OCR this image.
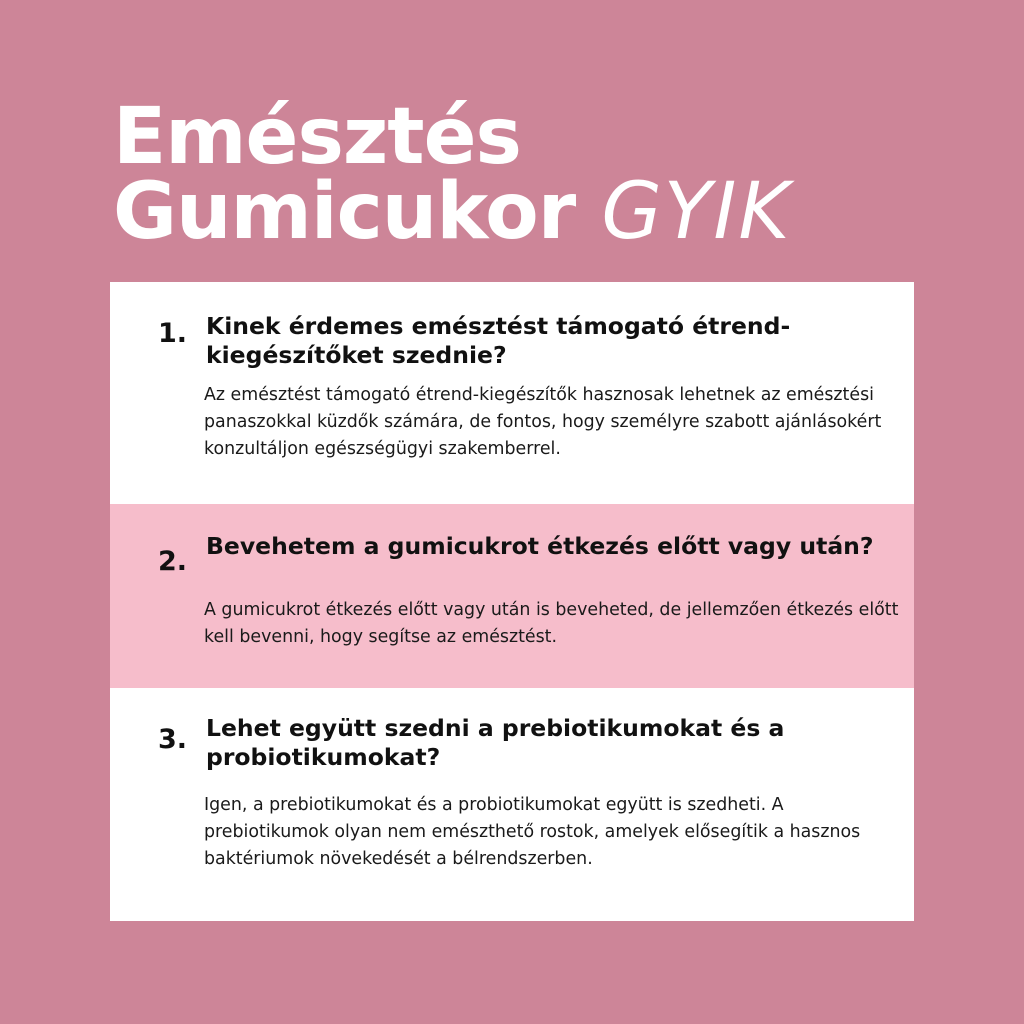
Emésztés
Gumicukor GYIK
1. Kinek érdemes emésztést támogató étrend-kiegészítőket szednie?

Az emésztést támogató étrend-kiegészítők hasznosak lehetnek az emésztési panaszokkal küzdők számára, de fontos, hogy személyre szabott ajánlásokért konzultáljon egészségügyi szakemberrel.

2. Bevehetem a gumicukrot étkezés előtt vagy után?

A gumicukrot étkezés előtt vagy után is beveheted, de jellemzően étkezés előtt kell bevenni, hogy segítse az emésztést.

3. Lehet együtt szedni a prebiotikumokat és a probiotikumokat?

Igen, a prebiotikumokat és a probiotikumokat együtt is szedheti. A prebiotikumok olyan nem emészthető rostok, amelyek elősegítik a hasznos baktériumok növekedését a bélrendszerben.
